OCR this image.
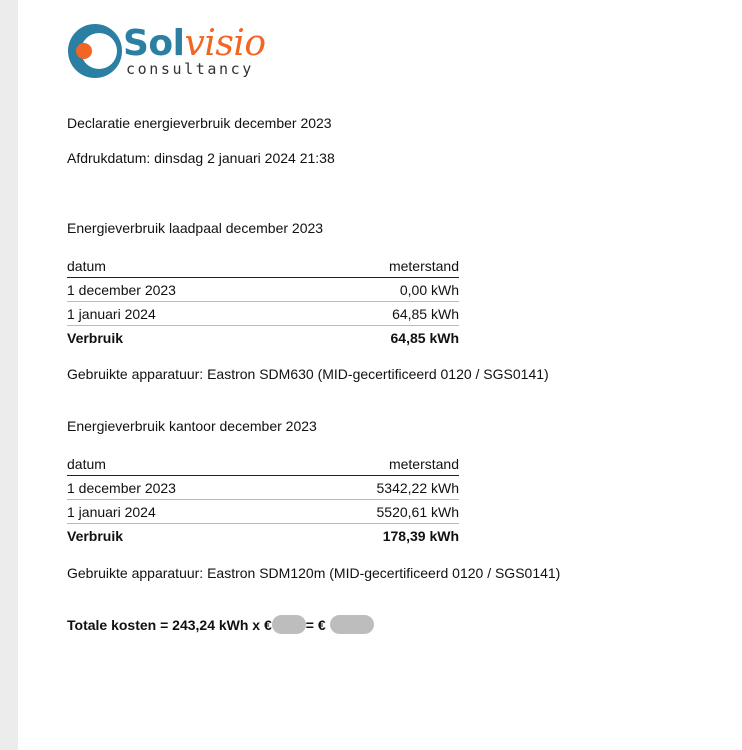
Solvisio
consultancy
Declaratie energieverbruik december 2023
Afdrukdatum: dinsdag 2 januari 2024 21:38
Energieverbruik laadpaal december 2023
datum	meterstand
1 december 2023	0,00 kWh
1 januari 2024	64,85 kWh
Verbruik	64,85 kWh
Gebruikte apparatuur: Eastron SDM630 (MID-gecertificeerd 0120 / SGS0141)
Energieverbruik kantoor december 2023
datum	meterstand
1 december 2023	5342,22 kWh
1 januari 2024	5520,61 kWh
Verbruik	178,39 kWh
Gebruikte apparatuur: Eastron SDM120m (MID-gecertificeerd 0120 / SGS0141)
Totale kosten = 243,24 kWh x € = €
